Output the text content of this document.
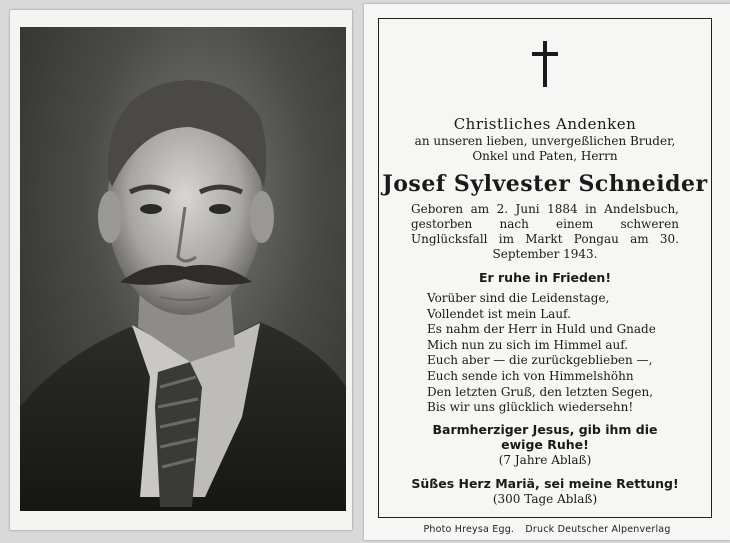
Christliches Andenken
an unseren lieben, unvergeßlichen Bruder,
Onkel und Paten, Herrn
Josef Sylvester Schneider
Geboren am 2. Juni 1884 in Andelsbuch, gestorben nach einem schweren Unglücksfall im Markt Pongau am 30. September 1943.
Er ruhe in Frieden!
Vorüber sind die Leidenstage,
Vollendet ist mein Lauf.
Es nahm der Herr in Huld und Gnade
Mich nun zu sich im Himmel auf.
Euch aber — die zurückgeblieben —,
Euch sende ich von Himmelshöhn
Den letzten Gruß, den letzten Segen,
Bis wir uns glücklich wiedersehn!
Barmherziger Jesus, gib ihm die
ewige Ruhe!
(7 Jahre Ablaß)
Süßes Herz Mariä, sei meine Rettung!
(300 Tage Ablaß)
Photo Hreysa Egg. Druck Deutscher Alpenverlag
